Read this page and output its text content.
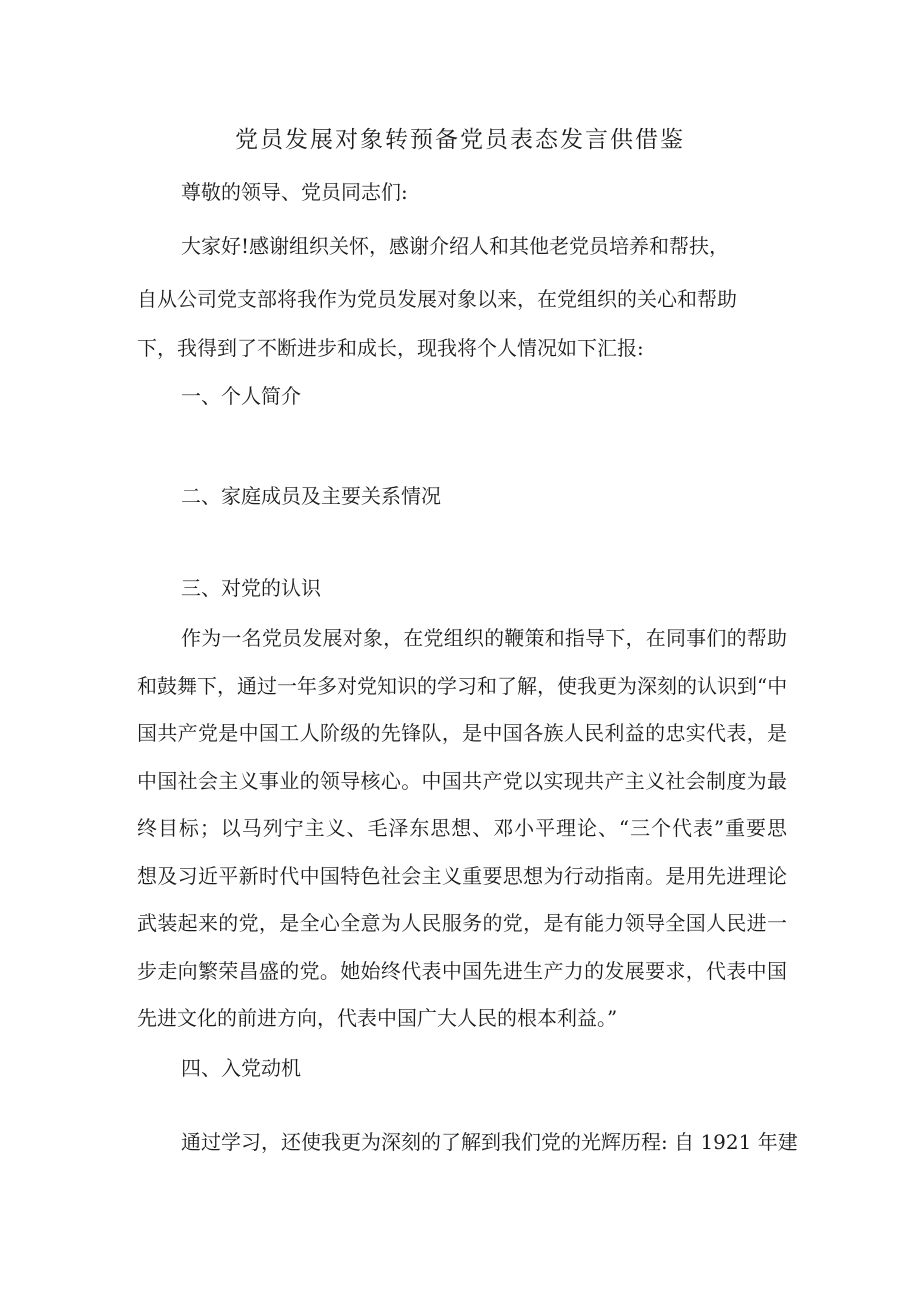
党员发展对象转预备党员表态发言供借鉴
尊敬的领导、党员同志们:
大家好!感谢组织关怀，感谢介绍人和其他老党员培养和帮扶，
自从公司党支部将我作为党员发展对象以来，在党组织的关心和帮助
下，我得到了不断进步和成长，现我将个人情况如下汇报:
一、个人简介
二、家庭成员及主要关系情况
三、对党的认识
作为一名党员发展对象，在党组织的鞭策和指导下，在同事们的帮助
和鼓舞下，通过一年多对党知识的学习和了解，使我更为深刻的认识到“中
国共产党是中国工人阶级的先锋队，是中国各族人民利益的忠实代表，是
中国社会主义事业的领导核心。中国共产党以实现共产主义社会制度为最
终目标；以马列宁主义、毛泽东思想、邓小平理论、“三个代表”重要思
想及习近平新时代中国特色社会主义重要思想为行动指南。是用先进理论
武装起来的党，是全心全意为人民服务的党，是有能力领导全国人民进一
步走向繁荣昌盛的党。她始终代表中国先进生产力的发展要求，代表中国
先进文化的前进方向，代表中国广大人民的根本利益。”
四、入党动机
通过学习，还使我更为深刻的了解到我们党的光辉历程: 自 1921 年建
